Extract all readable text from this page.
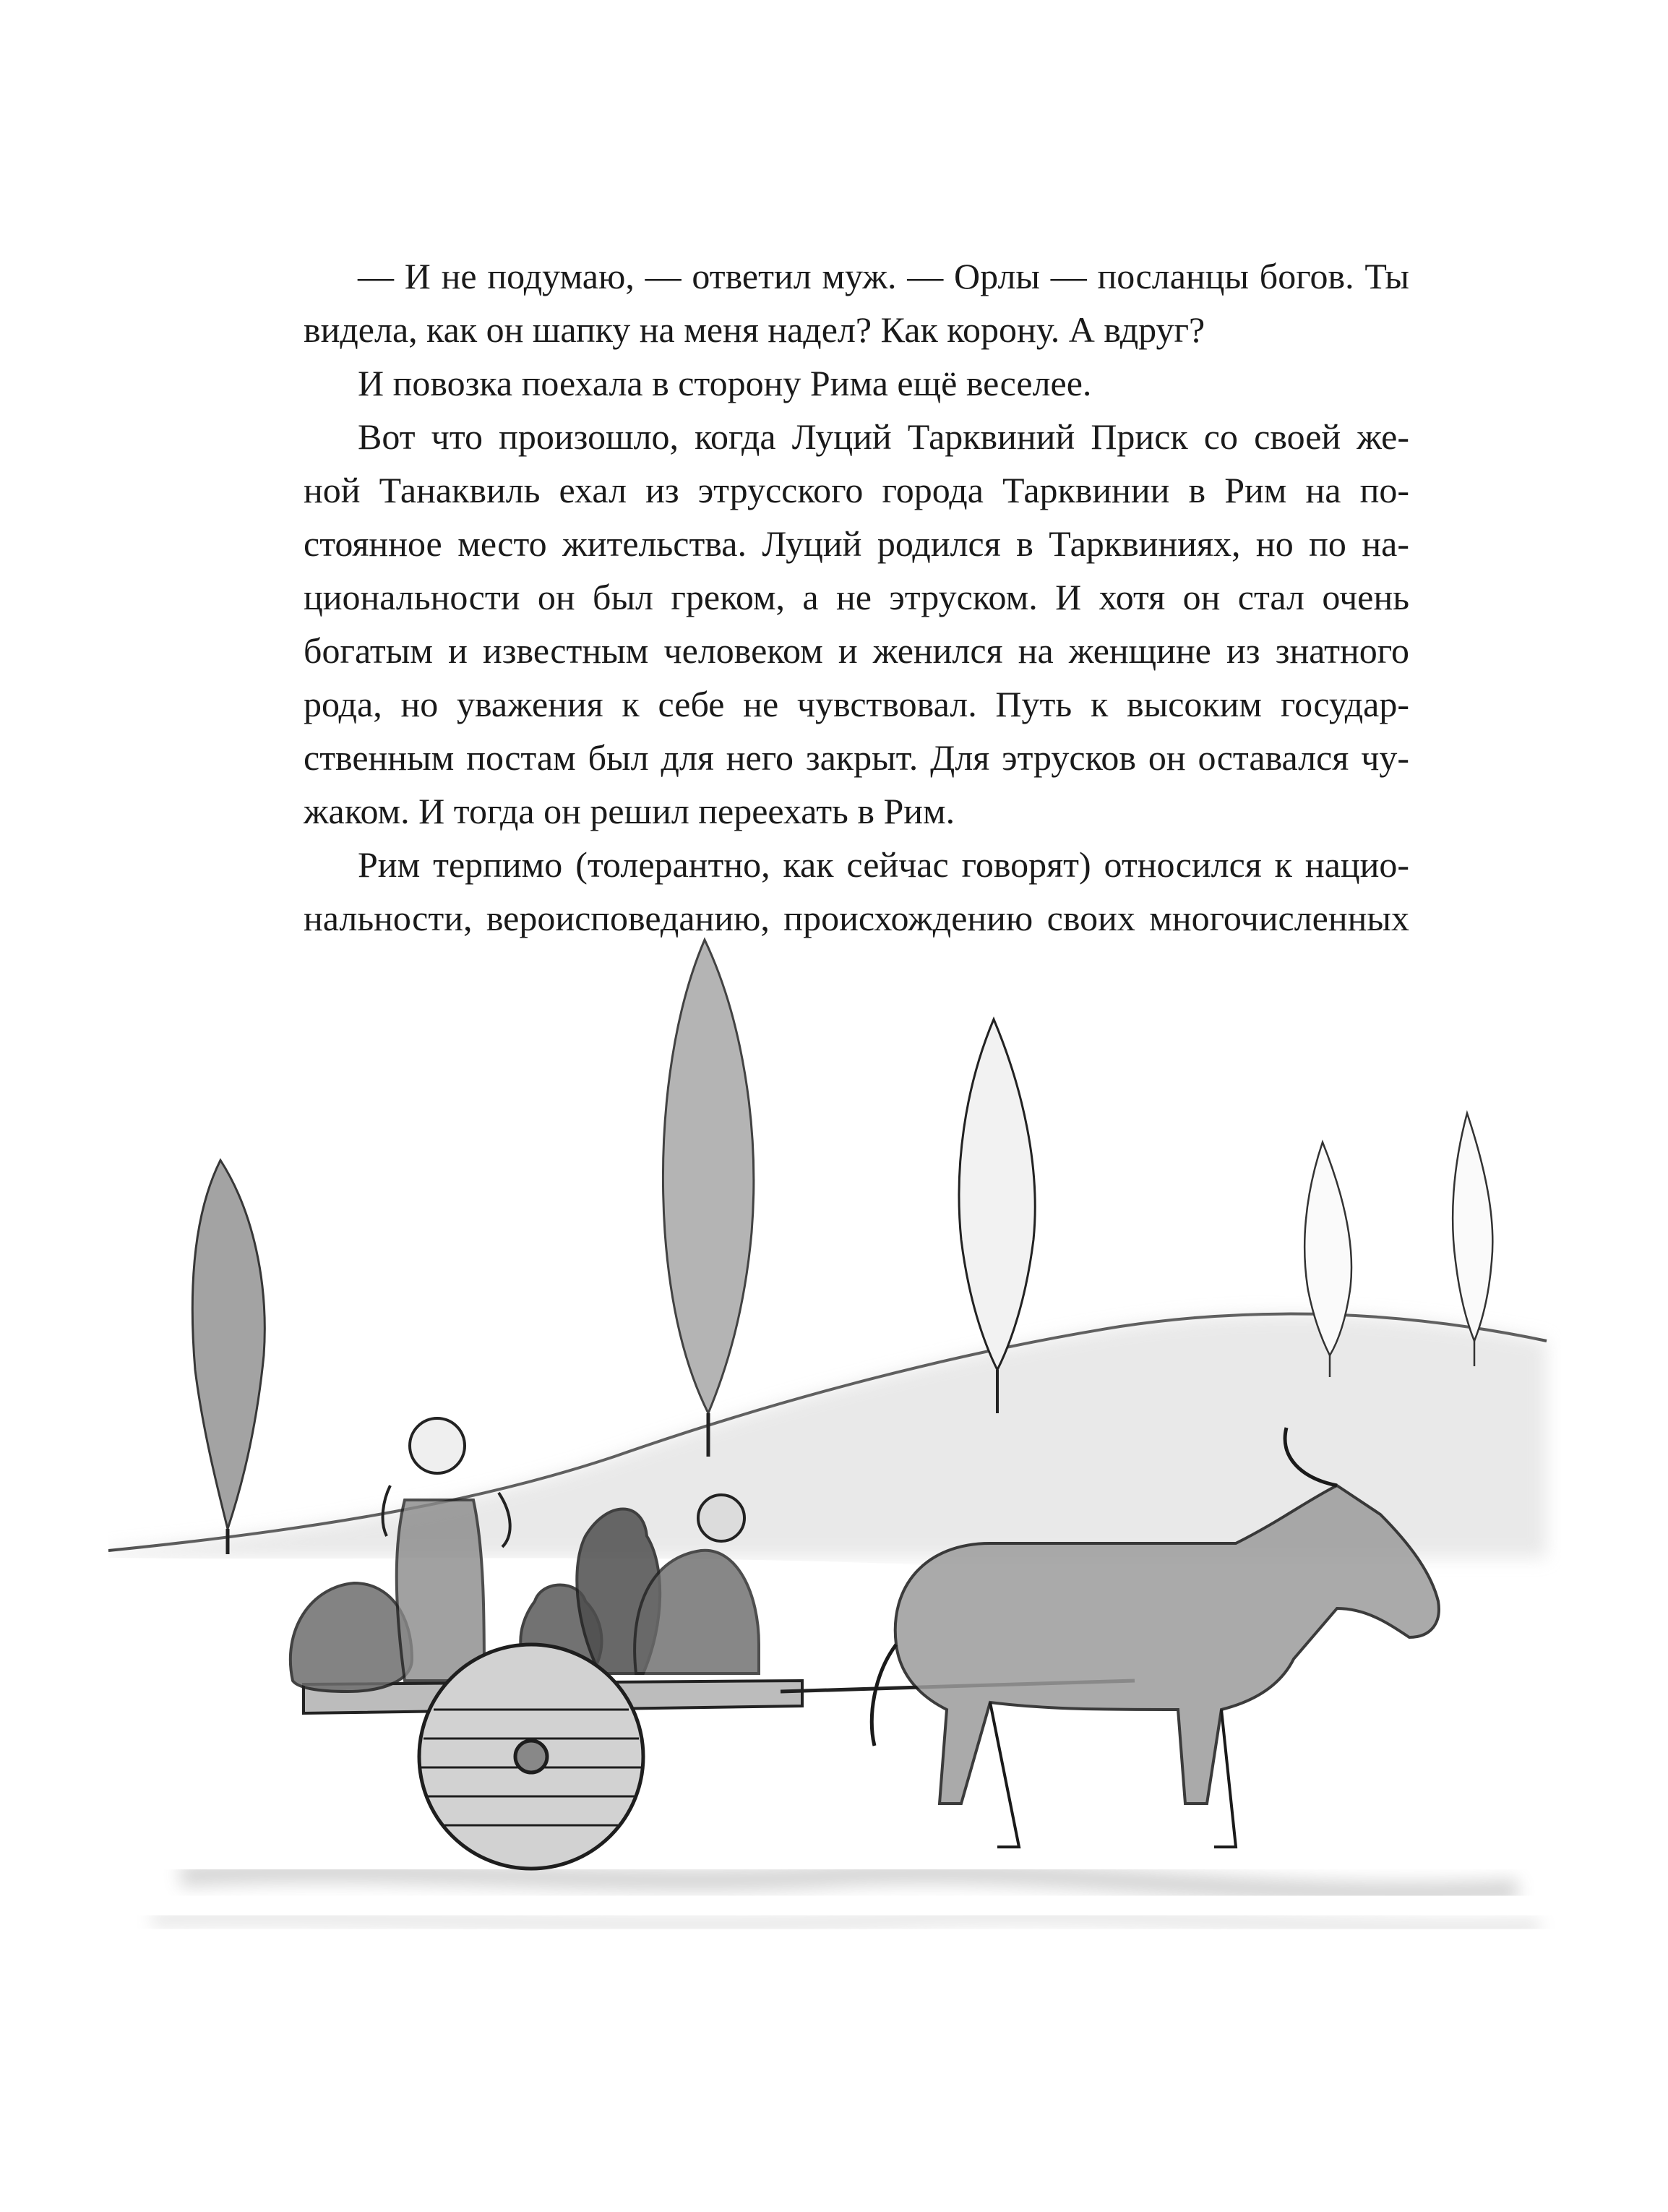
— И не подумаю, — ответил муж. — Орлы — посланцы богов. Ты
видела, как он шапку на меня надел? Как корону. А вдруг?
И повозка поехала в сторону Рима ещё веселее.
Вот что произошло, когда Луций Тарквиний Приск со своей же-
ной Танаквиль ехал из этрусского города Тарквинии в Рим на по-
стоянное место жительства. Луций родился в Тарквиниях, но по на-
циональности он был греком, а не этруском. И хотя он стал очень
богатым и известным человеком и женился на женщине из знатного
рода, но уважения к себе не чувствовал. Путь к высоким государ-
ственным постам был для него закрыт. Для этрусков он оставался чу-
жаком. И тогда он решил переехать в Рим.
Рим терпимо (толерантно, как сейчас говорят) относился к нацио-
нальности, вероисповеданию, происхождению своих многочисленных
